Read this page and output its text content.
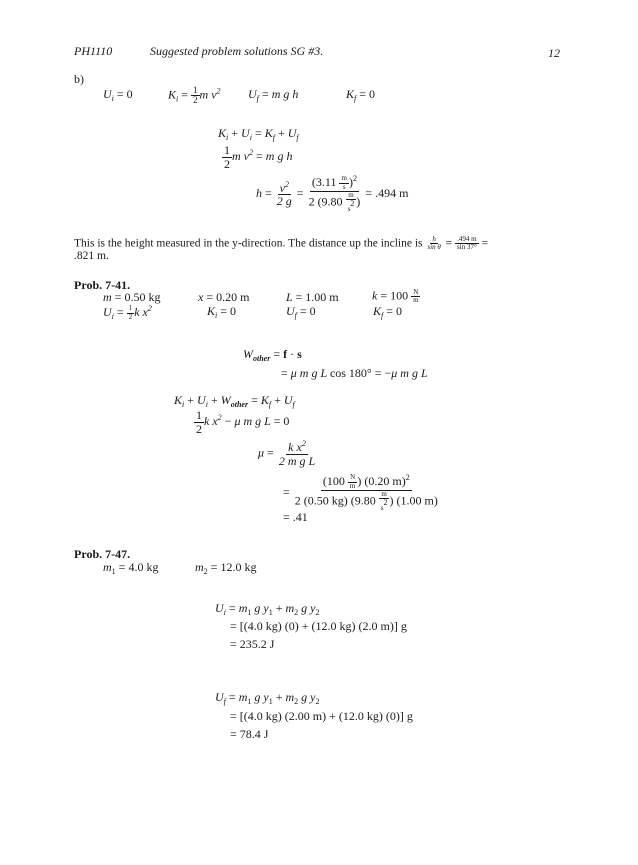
PH1110	Suggested problem solutions SG #3.	12
b)
$U_i = 0$	$K_i = \frac{1}{2}$ m $v^2$ $U_f = m$ g h	$K_f = 0$
$K_i + U_i = K_f + U_f$
$\frac{1}{2}$ m $v^2 = m$ g h
$h = \frac{v^2}{2 g} = \frac{(3.11 \frac{m}{s} )^2}{2 (9.80 \frac{m}{s2} )} = .494$ m
This is the height measured in the y-direction. The distance up the incline is $\frac{h}{\text{sin θ}} = \frac{.494 m}{\sin 37^\circ}$ =
.821 m.
Prob. 7-41.
m = 0.50 kg	x = 0.20 m	L = 1.00 m	$k = 100 \frac{N}{m}$
$U_i = \frac{1}{2}$ k $x^2$	$K_i = 0$	$U_f = 0$	$K_f = 0$
$W_{other} = f \cdot s$
= μ m g L cos 180° = −μ m g L
$K_i + U_i + W_{other} = K_f + U_f$
$\frac{1}{2}$ k $x^2 - \mu$ m g L = 0
$\mu = \frac{k x^2}{\text{2 m g L}}$
= $\frac{(100 \frac{N}{m} ) (0.20 m)^2}{2 (0.50 kg) (9.80 \frac{m}{s2} ) (1.00 m)}$
= .41
Prob. 7-47.
$m_1 = 4.0$ kg	$m_2 = 12.0$ kg
$U_i = m_1$ g $y_1 + m_2$ g $y_2$
= [(4.0 kg) (0) + (12.0 kg) (2.0 m)] g
= 235.2 J
$U_f = m_1$ g $y_1 + m_2$ g $y_2$
= [(4.0 kg) (2.00 m) + (12.0 kg) (0)] g
= 78.4 J
